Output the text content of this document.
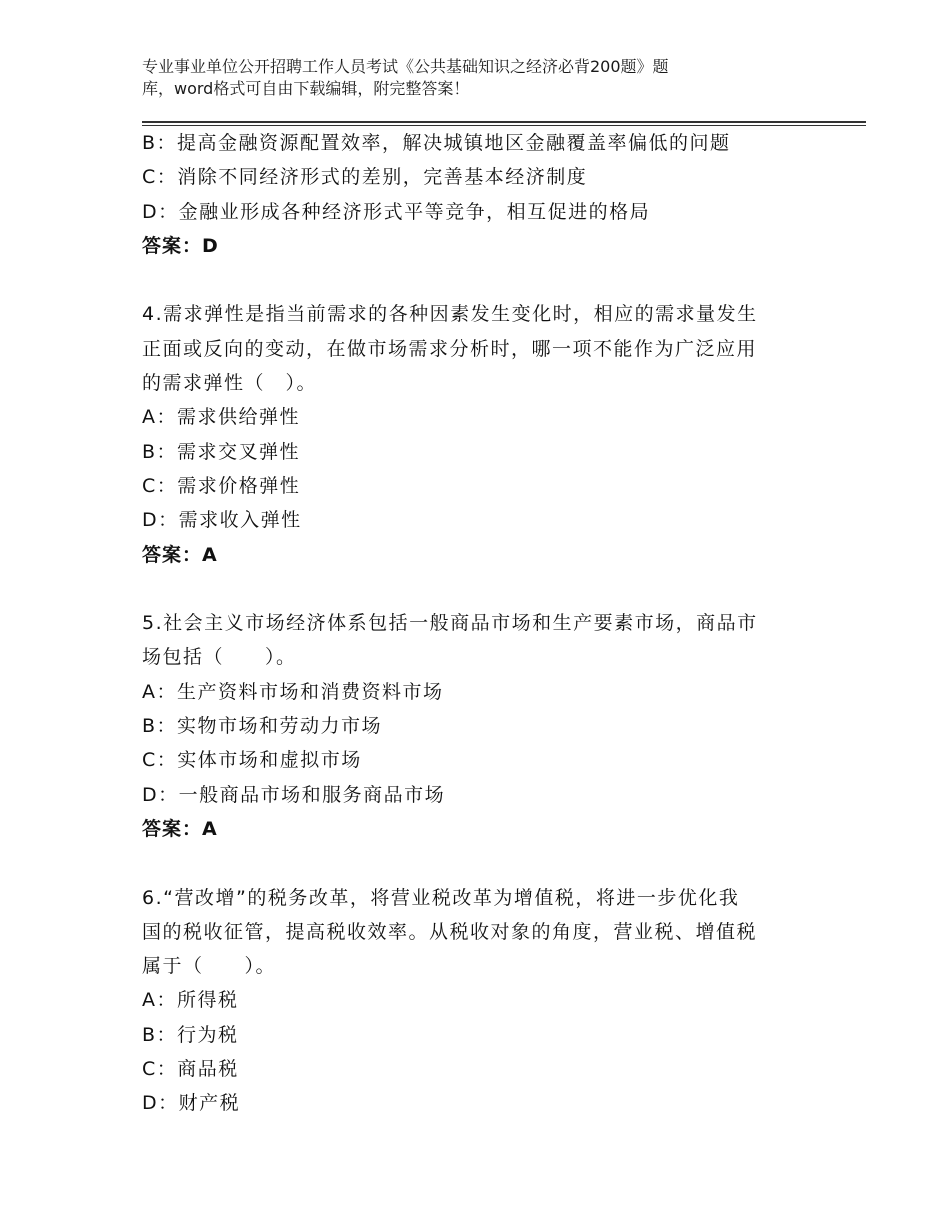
专业事业单位公开招聘工作人员考试《公共基础知识之经济必背200题》题
库，word格式可自由下载编辑，附完整答案！
B：提高金融资源配置效率，解决城镇地区金融覆盖率偏低的问题
C：消除不同经济形式的差别，完善基本经济制度
D：金融业形成各种经济形式平等竞争，相互促进的格局
答案：D
4.需求弹性是指当前需求的各种因素发生变化时，相应的需求量发生
正面或反向的变动，在做市场需求分析时，哪一项不能作为广泛应用
的需求弹性（　）。
A：需求供给弹性
B：需求交叉弹性
C：需求价格弹性
D：需求收入弹性
答案：A
5.社会主义市场经济体系包括一般商品市场和生产要素市场，商品市
场包括（　　）。
A：生产资料市场和消费资料市场
B：实物市场和劳动力市场
C：实体市场和虚拟市场
D：一般商品市场和服务商品市场
答案：A
6.“营改增”的税务改革，将营业税改革为增值税，将进一步优化我
国的税收征管，提高税收效率。从税收对象的角度，营业税、增值税
属于（　　）。
A：所得税
B：行为税
C：商品税
D：财产税
